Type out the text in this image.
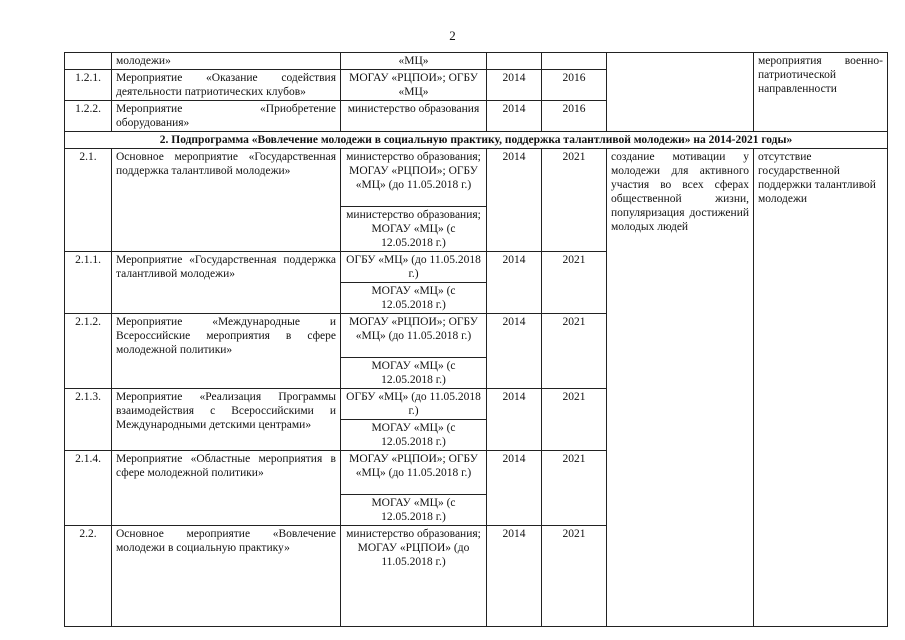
2
	молодежи»	«МЦ»				мероприятия военно-патриотической направленности	
1.2.1.	Мероприятие «Оказание содействия деятельности патриотических клубов»	МОГАУ «РЦПОИ»; ОГБУ «МЦ»	2014	2016			
1.2.2.	Мероприятие «Приобретение оборудования»	министерство образования	2014	2016			
2. Подпрограмма «Вовлечение молодежи в социальную практику, поддержка талантливой молодежи» на 2014-2021 годы»							
2.1.	Основное мероприятие «Государственная поддержка талантливой молодежи»	министерство образования; МОГАУ «РЦПОИ»; ОГБУ «МЦ» (до 11.05.2018 г.)	2014	2021	создание мотивации у молодежи для активного участия во всех сферах общественной жизни, популяризация достижений молодых людей	отсутствие государственной поддержки талантливой молодежи	
		министерство образования; МОГАУ «МЦ» (с 12.05.2018 г.)					
2.1.1.	Мероприятие «Государственная поддержка талантливой молодежи»	ОГБУ «МЦ» (до 11.05.2018 г.)	2014	2021			
		МОГАУ «МЦ» (с 12.05.2018 г.)					
2.1.2.	Мероприятие «Международные и Всероссийские мероприятия в сфере молодежной политики»	МОГАУ «РЦПОИ»; ОГБУ «МЦ» (до 11.05.2018 г.)	2014	2021			
		МОГАУ «МЦ» (с 12.05.2018 г.)					
2.1.3.	Мероприятие «Реализация Программы взаимодействия с Всероссийскими и Международными детскими центрами»	ОГБУ «МЦ» (до 11.05.2018 г.)	2014	2021			
		МОГАУ «МЦ» (с 12.05.2018 г.)					
2.1.4.	Мероприятие «Областные мероприятия в сфере молодежной политики»	МОГАУ «РЦПОИ»; ОГБУ «МЦ» (до 11.05.2018 г.)	2014	2021			
		МОГАУ «МЦ» (с 12.05.2018 г.)					
2.2.	Основное мероприятие «Вовлечение молодежи в социальную практику»	министерство образования; МОГАУ «РЦПОИ» (до 11.05.2018 г.)	2014	2021		
